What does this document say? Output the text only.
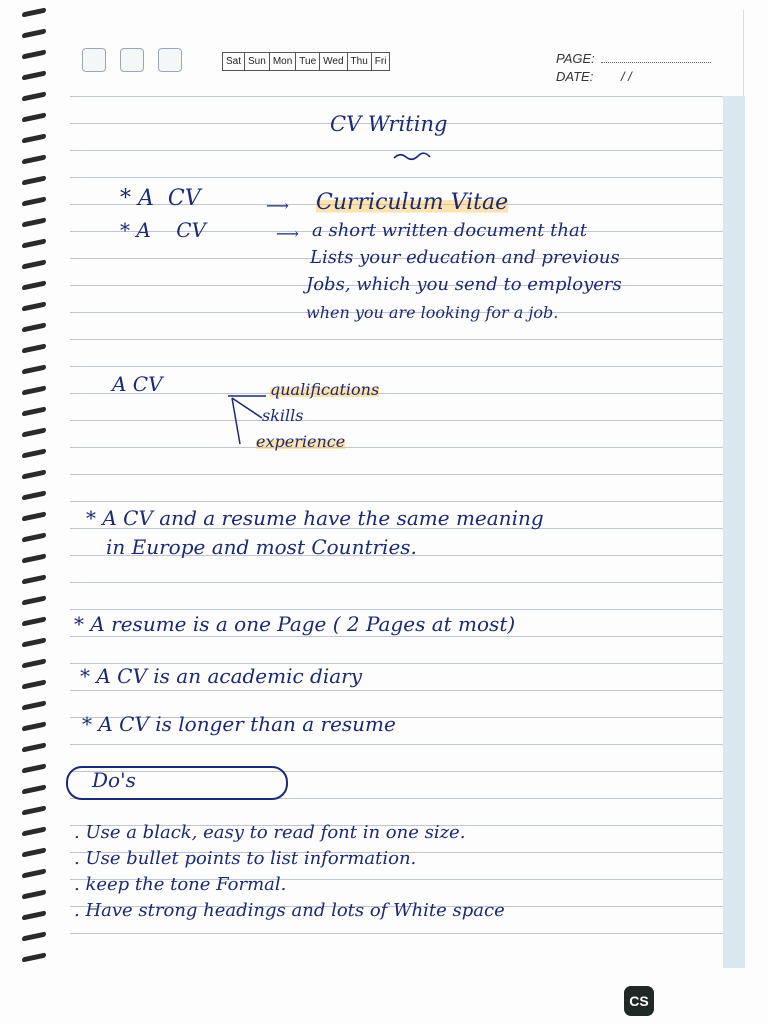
Sat Sun Mon Tue Wed Thu Fri	PAGE:
DATE: / /
CV Writing
* A CV	⟶ Curriculum Vitae
* A CV	⟶ a short written document that
Lists your education and previous
Jobs, which you send to employers
when you are looking for a job.
A CV	qualifications
skills
experience
* A CV and a resume have the same meaning
in Europe and most Countries.
* A resume is a one Page ( 2 Pages at most)
* A CV is an academic diary
* A CV is longer than a resume
Do's
. Use a black, easy to read font in one size.
. Use bullet points to list information.
. keep the tone Formal.
. Have strong headings and lots of White space
CS
